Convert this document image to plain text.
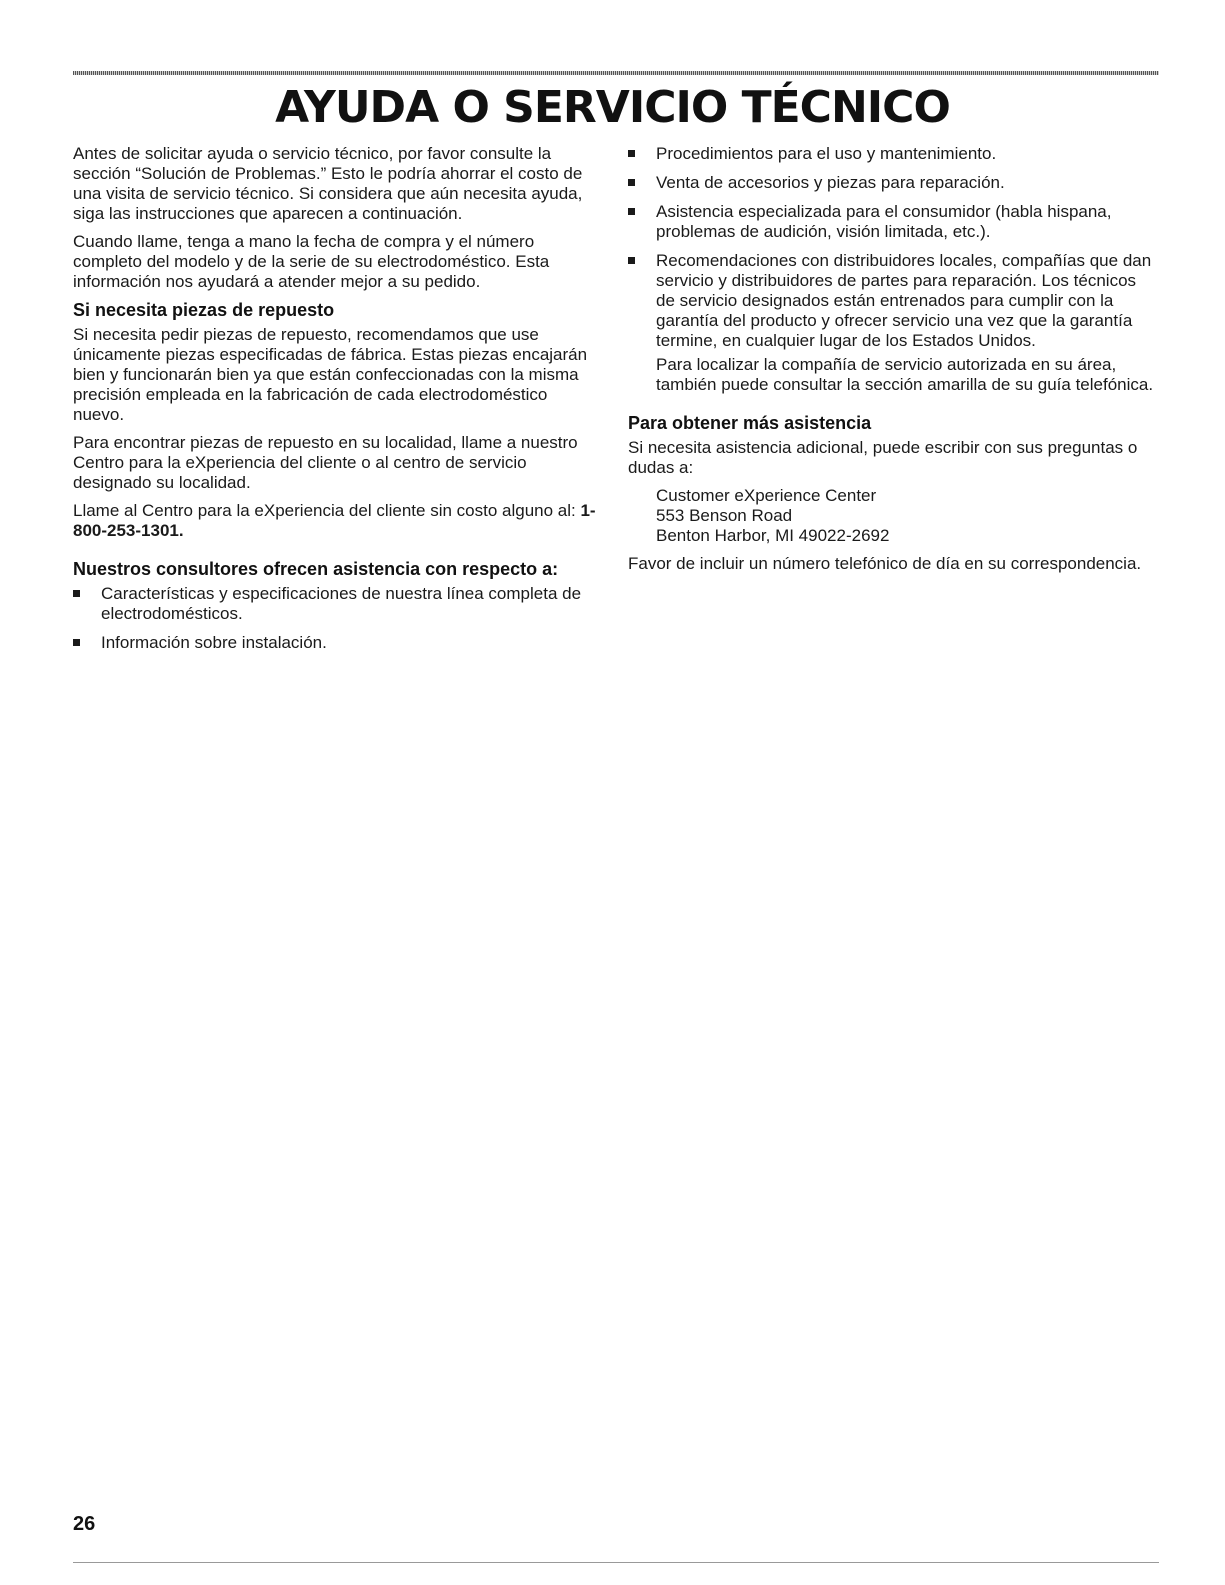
AYUDA O SERVICIO TÉCNICO

Antes de solicitar ayuda o servicio técnico, por favor consulte la sección “Solución de Problemas.” Esto le podría ahorrar el costo de una visita de servicio técnico. Si considera que aún necesita ayuda, siga las instrucciones que aparecen a continuación.

Cuando llame, tenga a mano la fecha de compra y el número completo del modelo y de la serie de su electrodoméstico. Esta información nos ayudará a atender mejor a su pedido.

Si necesita piezas de repuesto

Si necesita pedir piezas de repuesto, recomendamos que use únicamente piezas especificadas de fábrica. Estas piezas encajarán bien y funcionarán bien ya que están confeccionadas con la misma precisión empleada en la fabricación de cada electrodoméstico nuevo.

Para encontrar piezas de repuesto en su localidad, llame a nuestro Centro para la eXperiencia del cliente o al centro de servicio designado su localidad.

Llame al Centro para la eXperiencia del cliente sin costo alguno al: 1-800-253-1301.

Nuestros consultores ofrecen asistencia con respecto a:
Características y especificaciones de nuestra línea completa de electrodomésticos.
Información sobre instalación.
Procedimientos para el uso y mantenimiento.
Venta de accesorios y piezas para reparación.
Asistencia especializada para el consumidor (habla hispana, problemas de audición, visión limitada, etc.).
Recomendaciones con distribuidores locales, compañías que dan servicio y distribuidores de partes para reparación. Los técnicos de servicio designados están entrenados para cumplir con la garantía del producto y ofrecer servicio una vez que la garantía termine, en cualquier lugar de los Estados Unidos.

Para localizar la compañía de servicio autorizada en su área, también puede consultar la sección amarilla de su guía telefónica.

Para obtener más asistencia

Si necesita asistencia adicional, puede escribir con sus preguntas o dudas a:

Customer eXperience Center
553 Benson Road
Benton Harbor, MI 49022-2692

Favor de incluir un número telefónico de día en su correspondencia.

26
